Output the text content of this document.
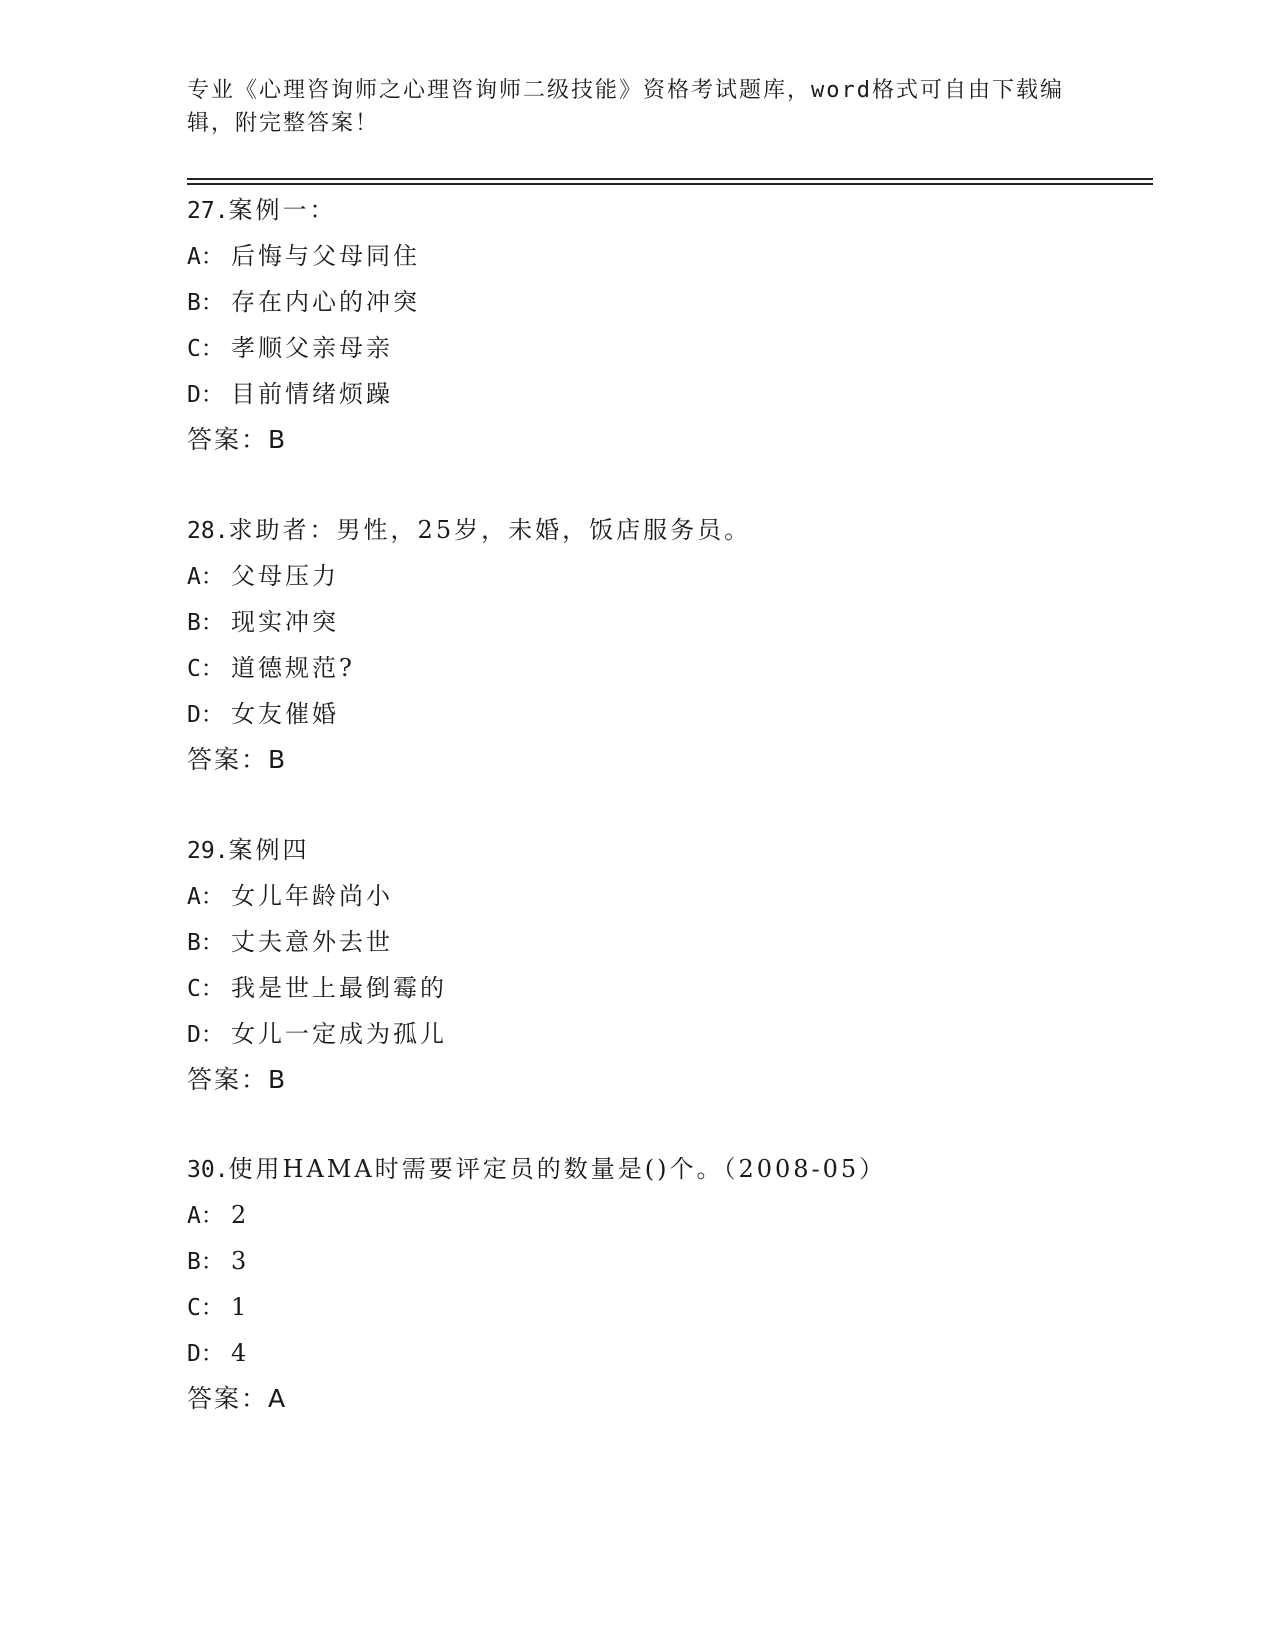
专业《心理咨询师之心理咨询师二级技能》资格考试题库，word格式可自由下载编辑，附完整答案！
27.案例一：
A： 后悔与父母同住
B： 存在内心的冲突
C： 孝顺父亲母亲
D： 目前情绪烦躁
答案：B
28.求助者：男性，25岁，未婚，饭店服务员。
A： 父母压力
B： 现实冲突
C： 道德规范?
D： 女友催婚
答案：B
29.案例四
A： 女儿年龄尚小
B： 丈夫意外去世
C： 我是世上最倒霉的
D： 女儿一定成为孤儿
答案：B
30.使用HAMA时需要评定员的数量是()个。（2008-05）
A： 2
B： 3
C： 1
D： 4
答案：A
